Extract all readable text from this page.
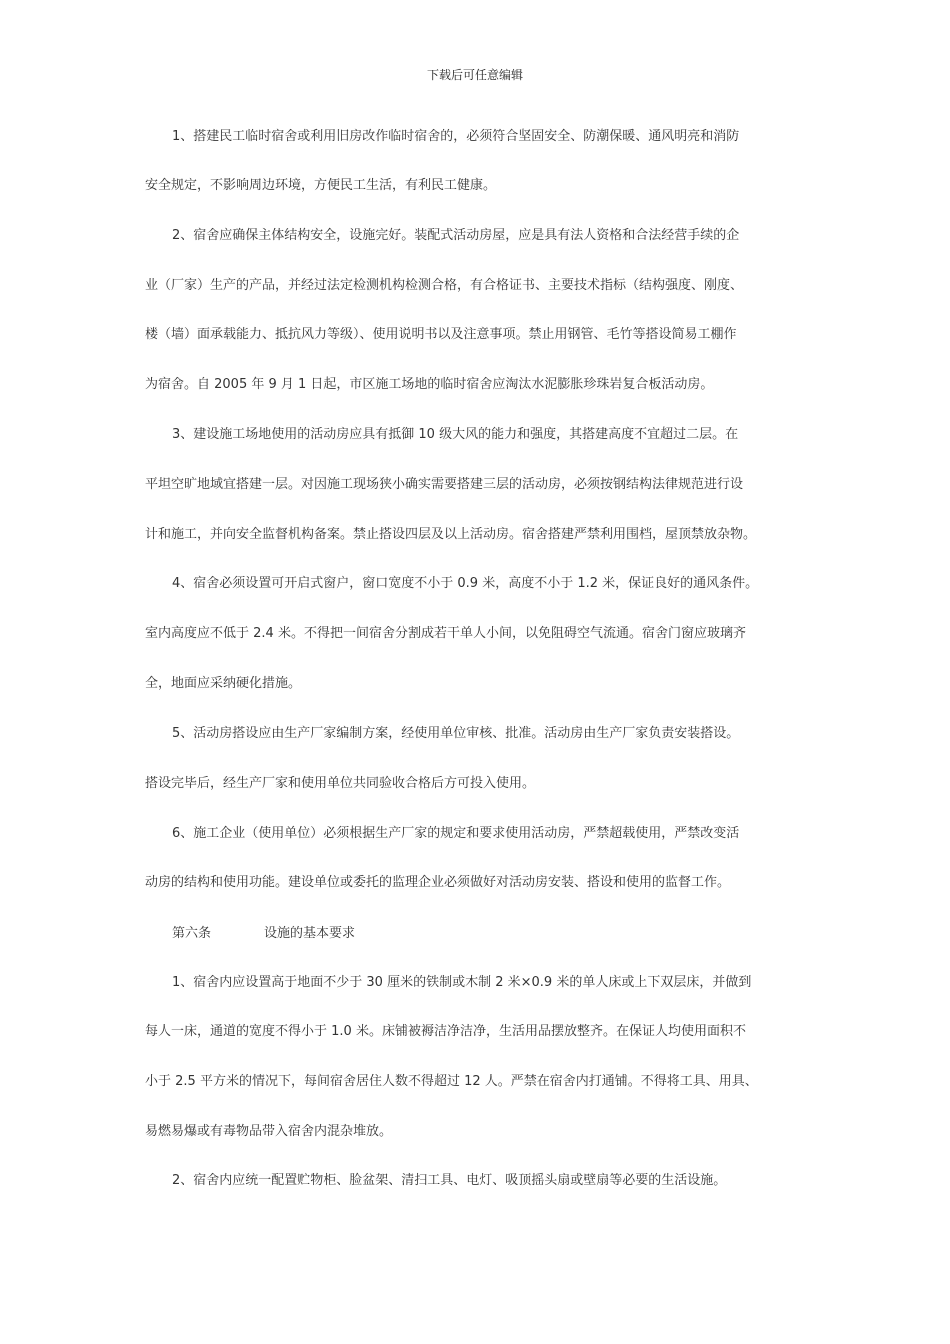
下载后可任意编辑
1、搭建民工临时宿舍或利用旧房改作临时宿舍的，必须符合坚固安全、防潮保暖、通风明亮和消防
安全规定，不影响周边环境，方便民工生活，有利民工健康。
2、宿舍应确保主体结构安全，设施完好。装配式活动房屋，应是具有法人资格和合法经营手续的企
业（厂家）生产的产品，并经过法定检测机构检测合格，有合格证书、主要技术指标（结构强度、刚度、
楼（墙）面承载能力、抵抗风力等级）、使用说明书以及注意事项。禁止用钢管、毛竹等搭设简易工棚作
为宿舍。自 2005 年 9 月 1 日起，市区施工场地的临时宿舍应淘汰水泥膨胀珍珠岩复合板活动房。
3、建设施工场地使用的活动房应具有抵御 10 级大风的能力和强度，其搭建高度不宜超过二层。在
平坦空旷地域宜搭建一层。对因施工现场狭小确实需要搭建三层的活动房，必须按钢结构法律规范进行设
计和施工，并向安全监督机构备案。禁止搭设四层及以上活动房。宿舍搭建严禁利用围档，屋顶禁放杂物。
4、宿舍必须设置可开启式窗户，窗口宽度不小于 0.9 米，高度不小于 1.2 米，保证良好的通风条件。
室内高度应不低于 2.4 米。不得把一间宿舍分割成若干单人小间，以免阻碍空气流通。宿舍门窗应玻璃齐
全，地面应采纳硬化措施。
5、活动房搭设应由生产厂家编制方案，经使用单位审核、批准。活动房由生产厂家负责安装搭设。
搭设完毕后，经生产厂家和使用单位共同验收合格后方可投入使用。
6、施工企业（使用单位）必须根据生产厂家的规定和要求使用活动房，严禁超载使用，严禁改变活
动房的结构和使用功能。建设单位或委托的监理企业必须做好对活动房安装、搭设和使用的监督工作。
第六条	设施的基本要求
1、宿舍内应设置高于地面不少于 30 厘米的铁制或木制 2 米×0.9 米的单人床或上下双层床，并做到
每人一床，通道的宽度不得小于 1.0 米。床铺被褥洁净洁净，生活用品摆放整齐。在保证人均使用面积不
小于 2.5 平方米的情况下，每间宿舍居住人数不得超过 12 人。严禁在宿舍内打通铺。不得将工具、用具、
易燃易爆或有毒物品带入宿舍内混杂堆放。
2、宿舍内应统一配置贮物柜、脸盆架、清扫工具、电灯、吸顶摇头扇或壁扇等必要的生活设施。
